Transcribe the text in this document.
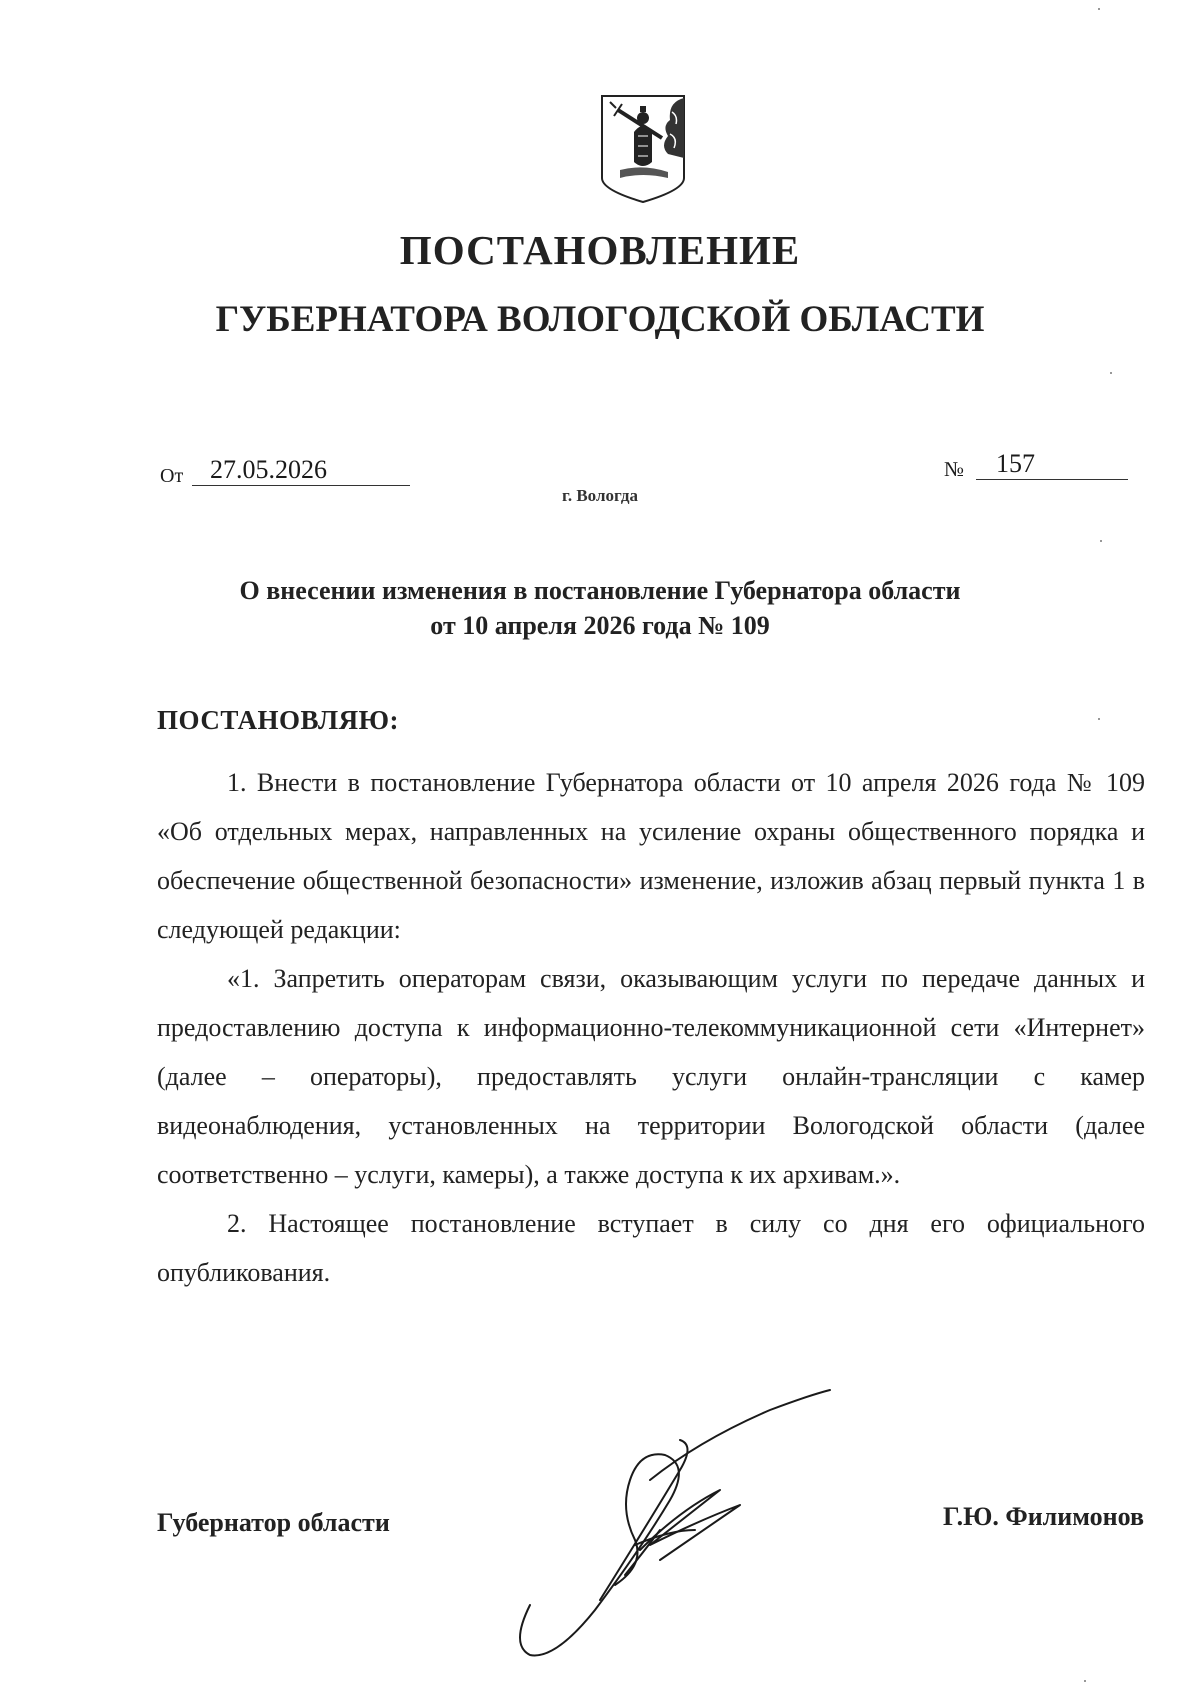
ПОСТАНОВЛЕНИЕ
ГУБЕРНАТОРА ВОЛОГОДСКОЙ ОБЛАСТИ
От 27.05.2026	№ 157
г. Вологда
О внесении изменения в постановление Губернатора области
от 10 апреля 2026 года № 109
ПОСТАНОВЛЯЮ:

1. Внести в постановление Губернатора области от 10 апреля 2026 года № 109 «Об отдельных мерах, направленных на усиление охраны общественного порядка и обеспечение общественной безопасности» изменение, изложив абзац первый пункта 1 в следующей редакции:

«1. Запретить операторам связи, оказывающим услуги по передаче данных и предоставлению доступа к информационно-телекоммуникационной сети «Интернет» (далее – операторы), предоставлять услуги онлайн-трансляции с камер видеонаблюдения, установленных на территории Вологодской области (далее соответственно – услуги, камеры), а также доступа к их архивам.».

2. Настоящее постановление вступает в силу со дня его официального опубликования.

Губернатор области	Г.Ю. Филимонов
